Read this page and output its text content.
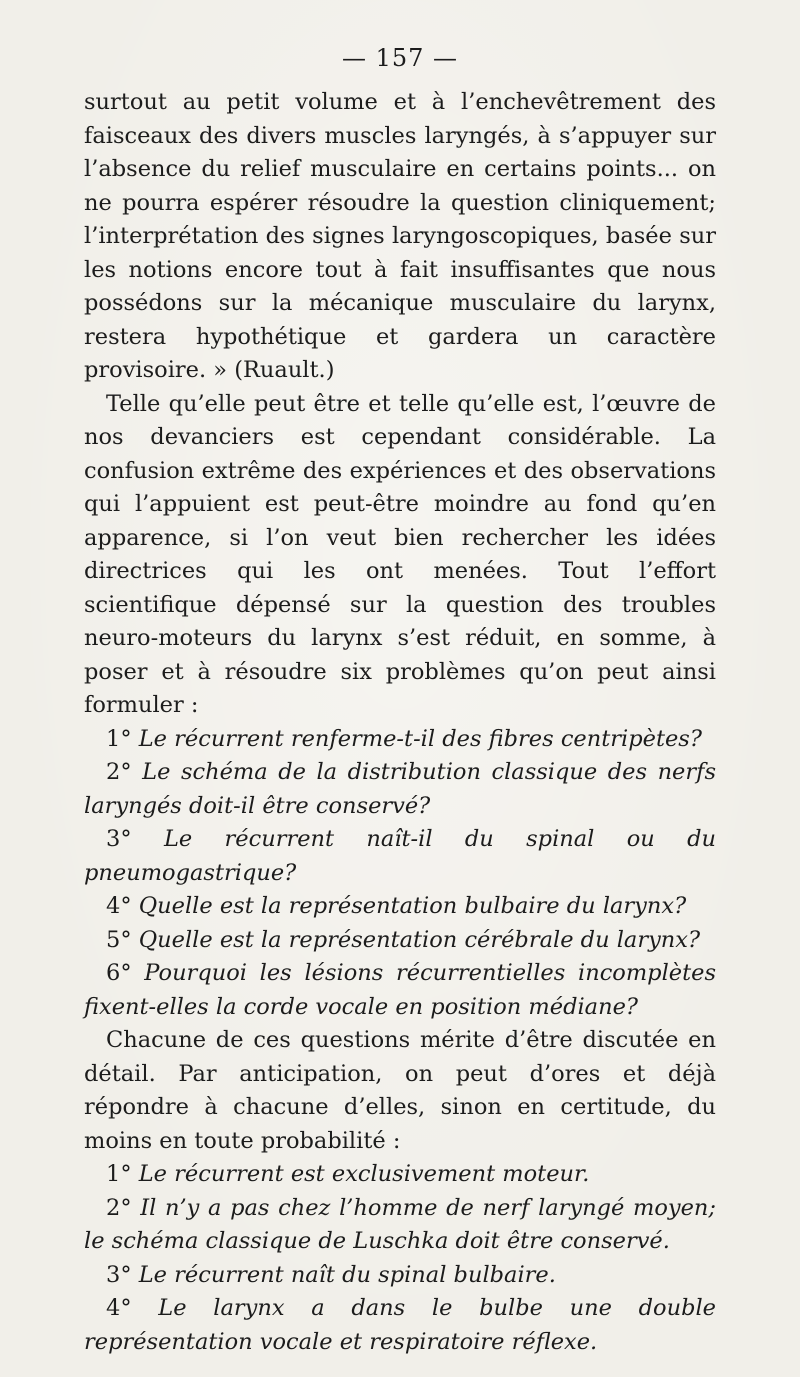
— 157 —

surtout au petit volume et à l’enchevêtrement des faisceaux des divers muscles laryngés, à s’appuyer sur l’absence du relief musculaire en certains points... on ne pourra espérer résoudre la question cliniquement; l’interprétation des signes laryngoscopiques, basée sur les notions encore tout à fait insuffisantes que nous possédons sur la mécanique musculaire du larynx, restera hypothétique et gardera un caractère provisoire. » (Ruault.)

Telle qu’elle peut être et telle qu’elle est, l’œuvre de nos devanciers est cependant considérable. La confusion extrême des expériences et des observations qui l’appuient est peut-être moindre au fond qu’en apparence, si l’on veut bien rechercher les idées directrices qui les ont menées. Tout l’effort scientifique dépensé sur la question des troubles neuro-moteurs du larynx s’est réduit, en somme, à poser et à résoudre six problèmes qu’on peut ainsi formuler :

1° Le récurrent renferme-t-il des fibres centripètes?

2° Le schéma de la distribution classique des nerfs laryngés doit-il être conservé?

3° Le récurrent naît-il du spinal ou du pneumogastrique?

4° Quelle est la représentation bulbaire du larynx?

5° Quelle est la représentation cérébrale du larynx?

6° Pourquoi les lésions récurrentielles incomplètes fixent-elles la corde vocale en position médiane?

Chacune de ces questions mérite d’être discutée en détail. Par anticipation, on peut d’ores et déjà répondre à chacune d’elles, sinon en certitude, du moins en toute probabilité :

1° Le récurrent est exclusivement moteur.

2° Il n’y a pas chez l’homme de nerf laryngé moyen; le schéma classique de Luschka doit être conservé.

3° Le récurrent naît du spinal bulbaire.

4° Le larynx a dans le bulbe une double représentation vocale et respiratoire réflexe.
